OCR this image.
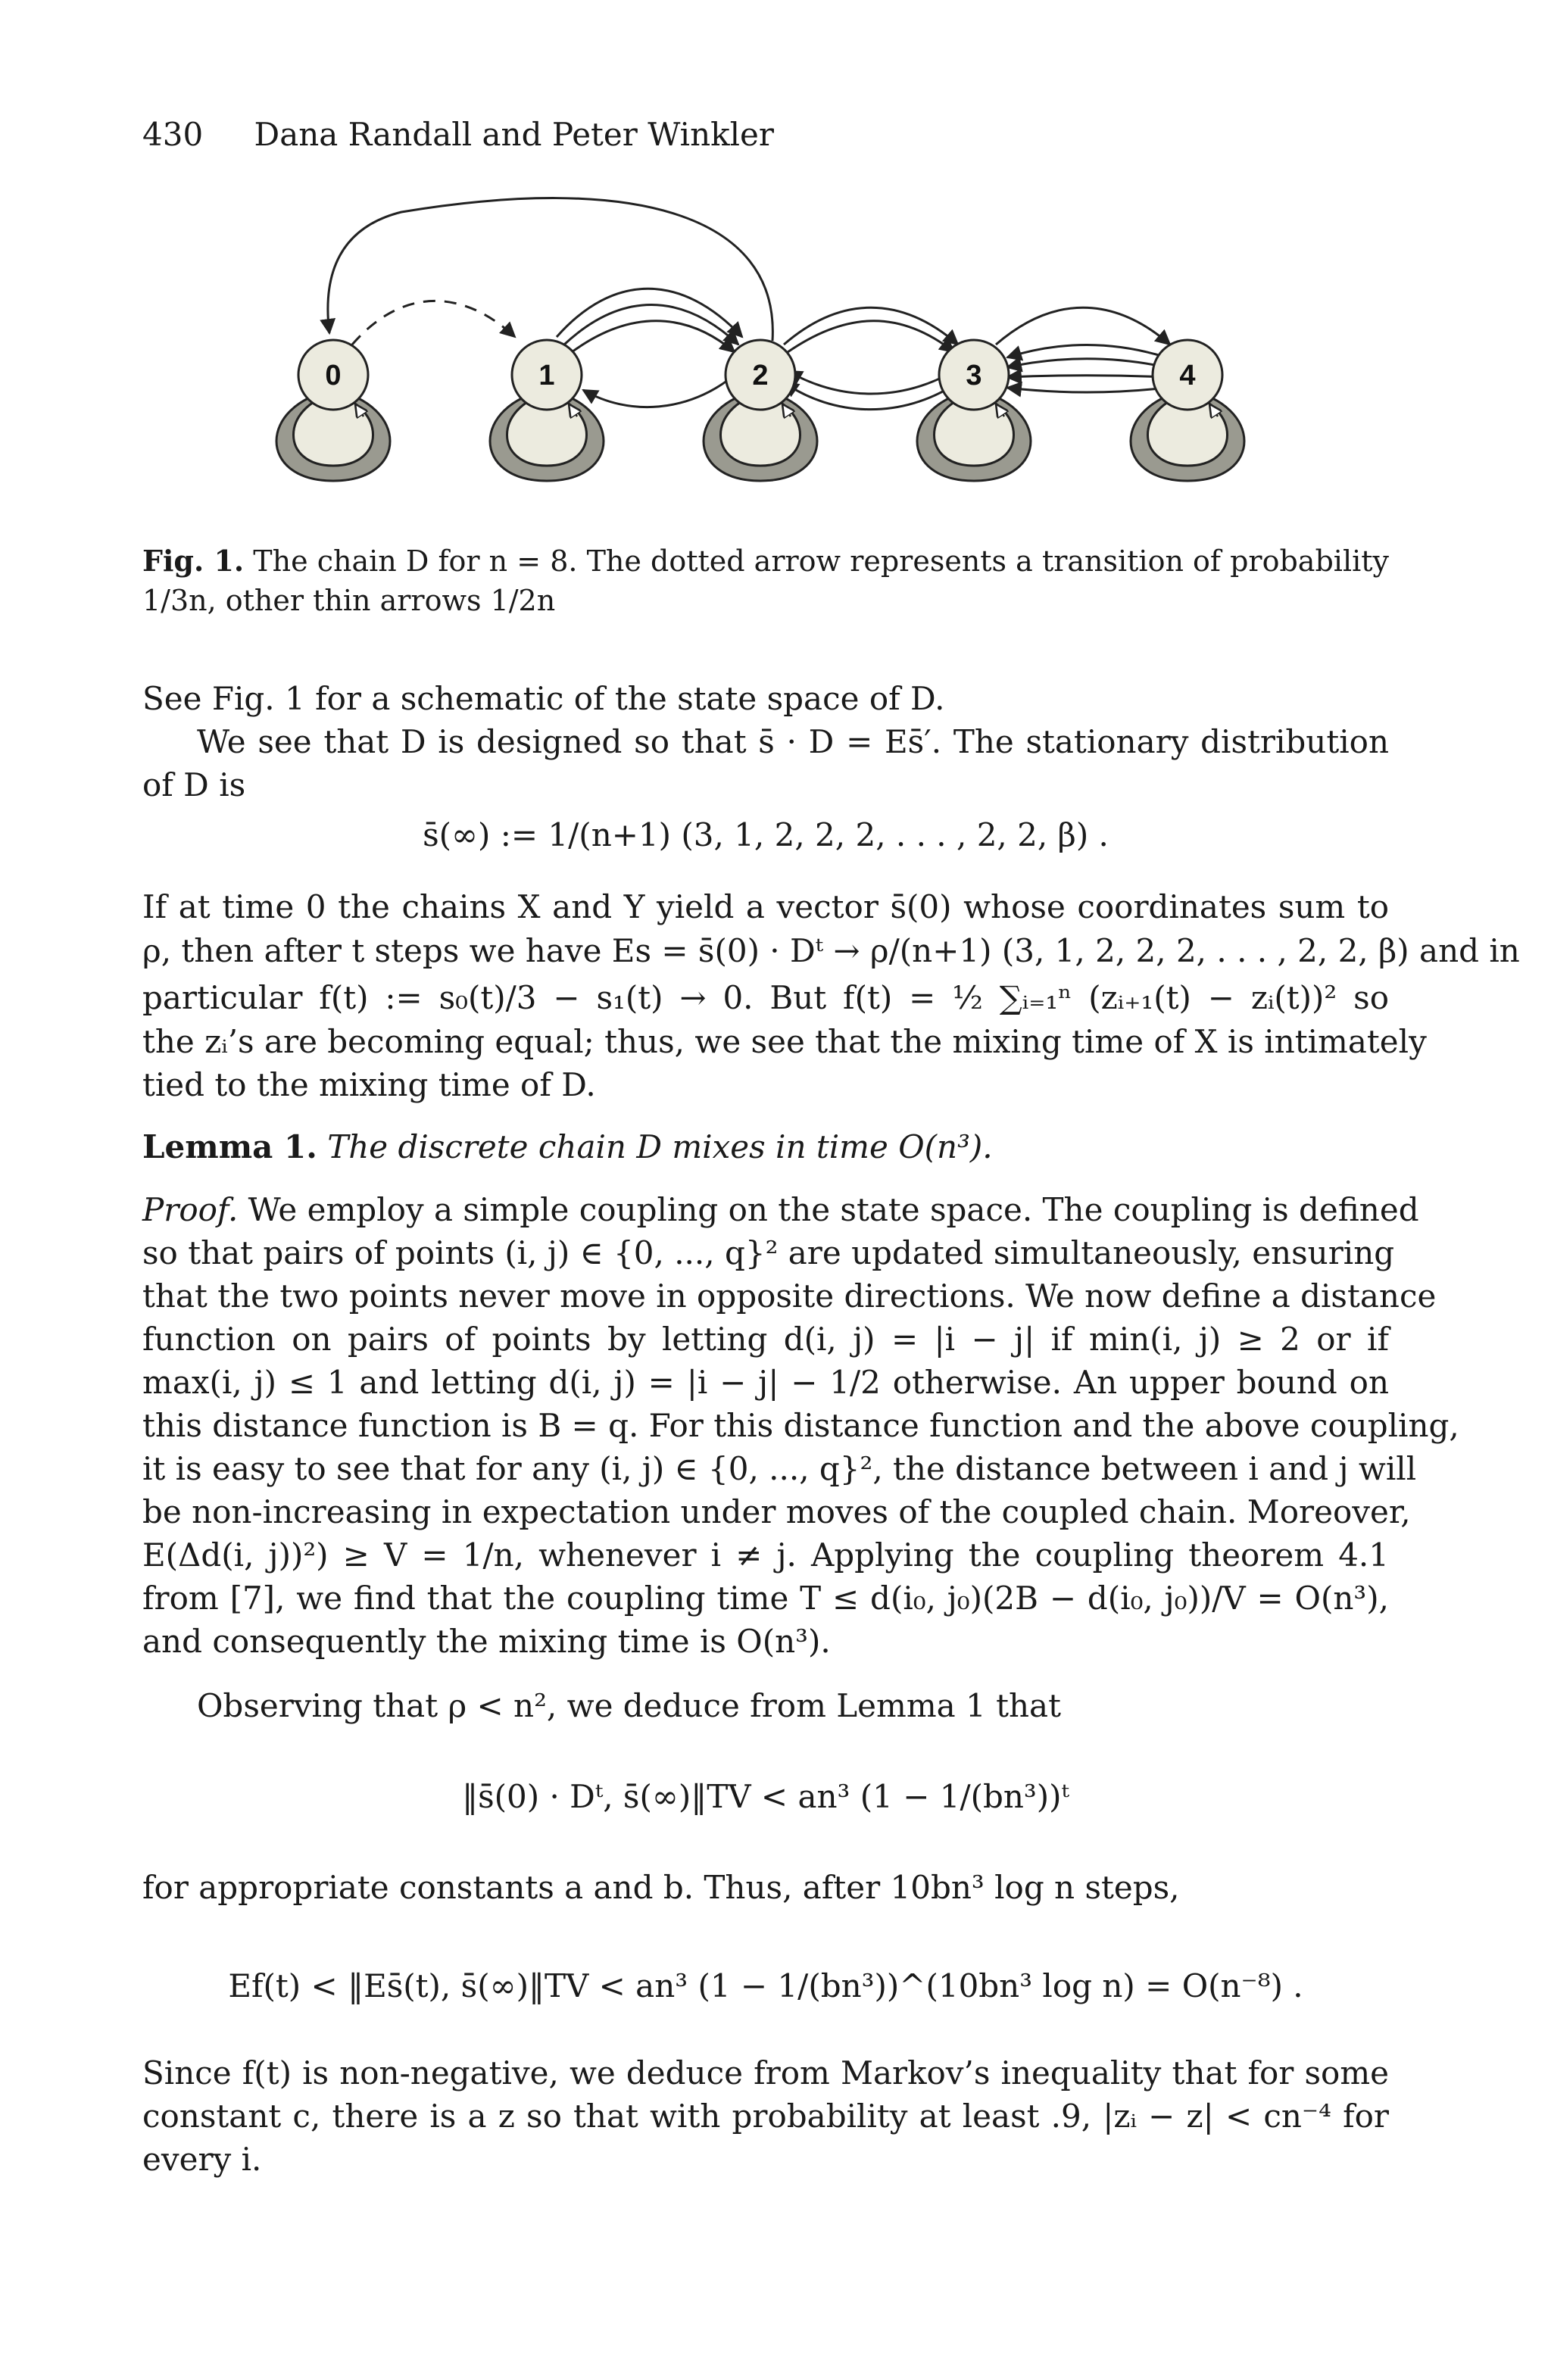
430 Dana Randall and Peter Winkler
0	1	2	3	4
Fig. 1. The chain D for n = 8. The dotted arrow represents a transition of probability
1/3n, other thin arrows 1/2n
See Fig. 1 for a schematic of the state space of D.
We see that D is designed so that s̄ · D = Es̄′. The stationary distribution
of D is
s̄(∞) := 1/(n+1) (3, 1, 2, 2, 2, . . . , 2, 2, β) .
If at time 0 the chains X and Y yield a vector s̄(0) whose coordinates sum to
ρ, then after t steps we have Es = s̄(0) · Dᵗ → ρ/(n+1) (3, 1, 2, 2, 2, . . . , 2, 2, β) and in
particular f(t) := s₀(t)/3 − s₁(t) → 0. But f(t) = ½ ∑ᵢ₌₁ⁿ (zᵢ₊₁(t) − zᵢ(t))² so
the zᵢ’s are becoming equal; thus, we see that the mixing time of X is intimately
tied to the mixing time of D.
Lemma 1. The discrete chain D mixes in time O(n³).
Proof. We employ a simple coupling on the state space. The coupling is defined
so that pairs of points (i, j) ∈ {0, ..., q}² are updated simultaneously, ensuring
that the two points never move in opposite directions. We now define a distance
function on pairs of points by letting d(i, j) = |i − j| if min(i, j) ≥ 2 or if
max(i, j) ≤ 1 and letting d(i, j) = |i − j| − 1/2 otherwise. An upper bound on
this distance function is B = q. For this distance function and the above coupling,
it is easy to see that for any (i, j) ∈ {0, ..., q}², the distance between i and j will
be non-increasing in expectation under moves of the coupled chain. Moreover,
E(Δd(i, j))²) ≥ V = 1/n, whenever i ≠ j. Applying the coupling theorem 4.1
from [7], we find that the coupling time T ≤ d(i₀, j₀)(2B − d(i₀, j₀))/V = O(n³),
and consequently the mixing time is O(n³).
Observing that ρ < n², we deduce from Lemma 1 that
‖s̄(0) · Dᵗ, s̄(∞)‖TV < an³ (1 − 1/(bn³))ᵗ
for appropriate constants a and b. Thus, after 10bn³ log n steps,
Ef(t) < ‖Es̄(t), s̄(∞)‖TV < an³ (1 − 1/(bn³))^(10bn³ log n) = O(n⁻⁸) .
Since f(t) is non-negative, we deduce from Markov’s inequality that for some
constant c, there is a z so that with probability at least .9, |zᵢ − z| < cn⁻⁴ for
every i.
